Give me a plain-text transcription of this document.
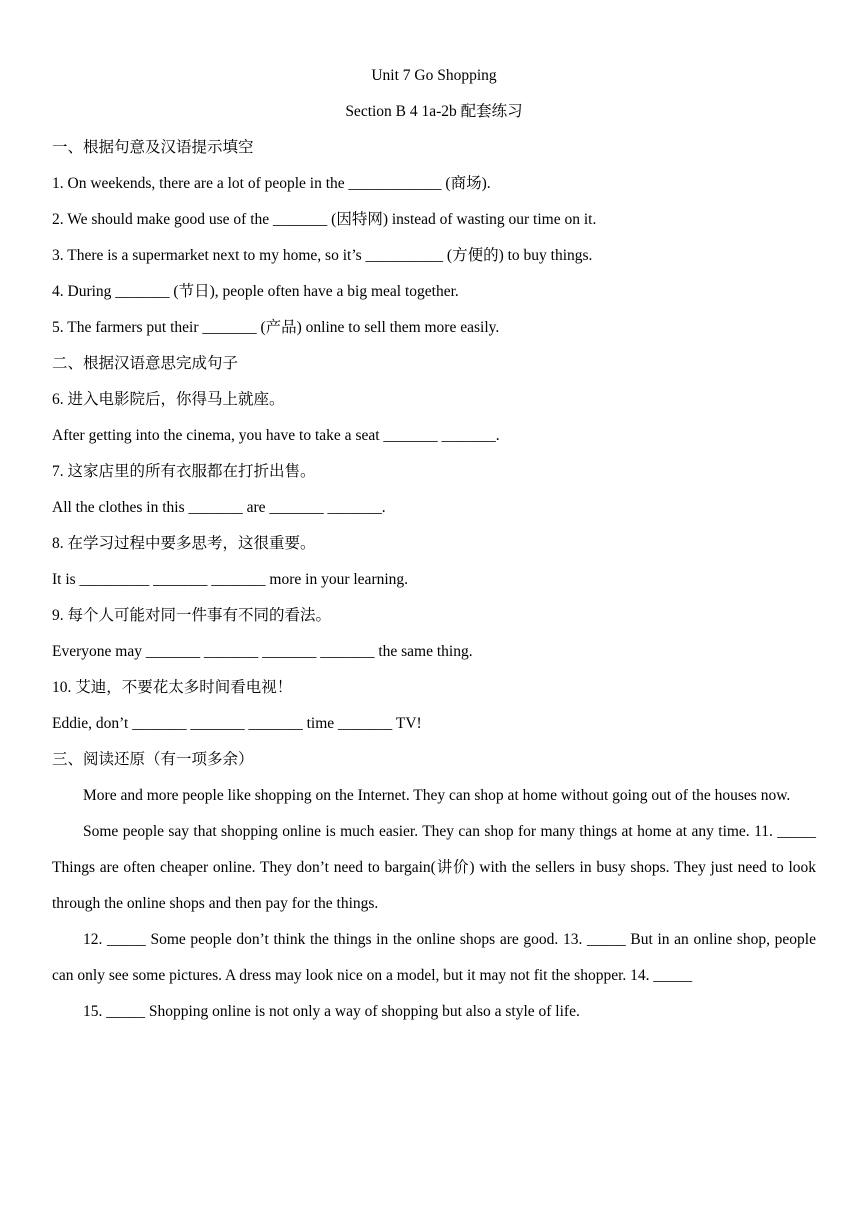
Unit 7 Go Shopping
Section B 4 1a-2b 配套练习
一、根据句意及汉语提示填空
1. On weekends, there are a lot of people in the ____________ (商场).
2. We should make good use of the _______ (因特网) instead of wasting our time on it.
3. There is a supermarket next to my home, so it’s __________ (方便的) to buy things.
4. During _______ (节日), people often have a big meal together.
5. The farmers put their _______ (产品) online to sell them more easily.
二、根据汉语意思完成句子
6. 进入电影院后，你得马上就座。
After getting into the cinema, you have to take a seat _______ _______.
7. 这家店里的所有衣服都在打折出售。
All the clothes in this _______ are _______ _______.
8. 在学习过程中要多思考，这很重要。
It is _________ _______ _______ more in your learning.
9. 每个人可能对同一件事有不同的看法。
Everyone may _______ _______ _______ _______ the same thing.
10. 艾迪，不要花太多时间看电视！
Eddie, don’t _______ _______ _______ time _______ TV!
三、阅读还原（有一项多余）

More and more people like shopping on the Internet. They can shop at home without going out of the houses now.

Some people say that shopping online is much easier. They can shop for many things at home at any time. 11. _____ Things are often cheaper online. They don’t need to bargain(讲价) with the sellers in busy shops. They just need to look through the online shops and then pay for the things.

12. _____ Some people don’t think the things in the online shops are good. 13. _____ But in an online shop, people can only see some pictures. A dress may look nice on a model, but it may not fit the shopper. 14. _____

15. _____ Shopping online is not only a way of shopping but also a style of life.
